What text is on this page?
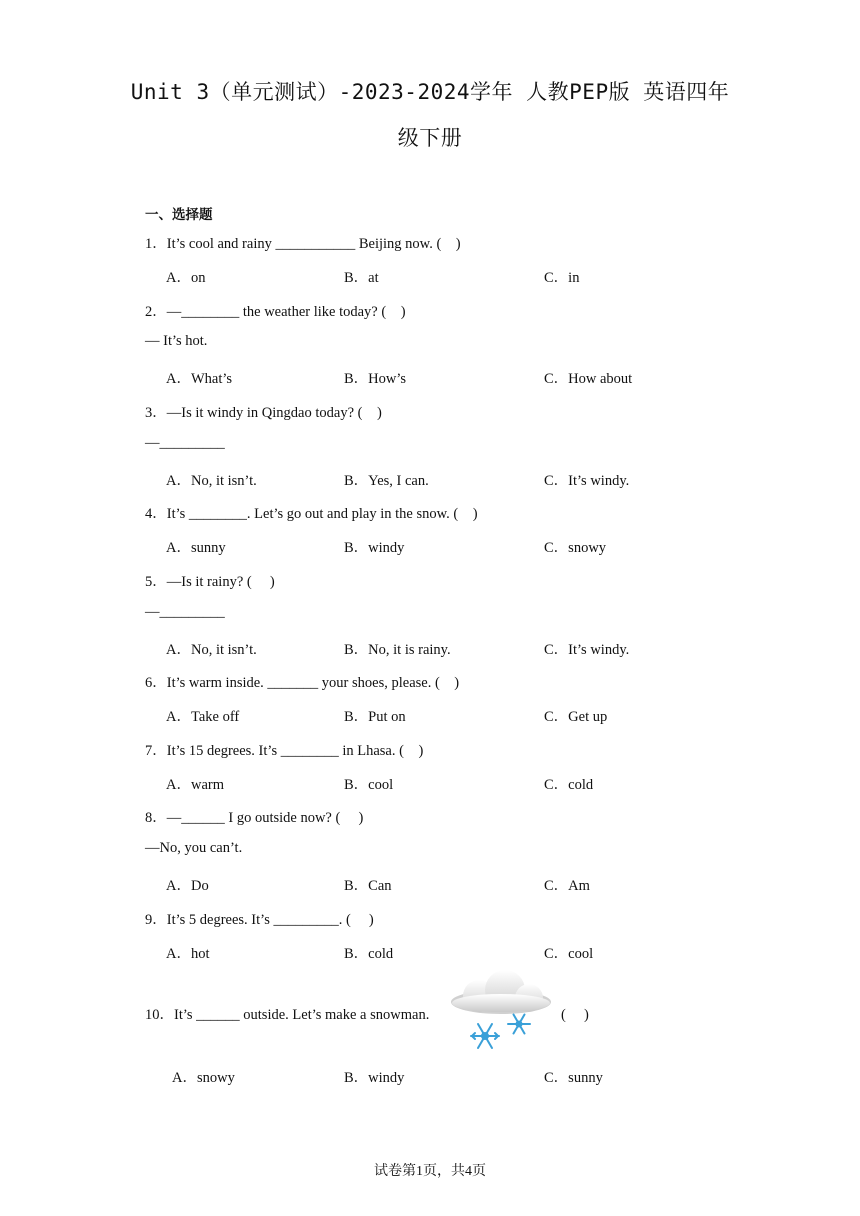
Unit 3（单元测试）-2023-2024学年 人教PEP版 英语四年
级下册
一、选择题
1．It’s cool and rainy ___________ Beijing now. (　)
A．on	B．at	C．in
2．—________ the weather like today? (　)
— It’s hot.
A．What’s	B．How’s	C．How about
3．—Is it windy in Qingdao today? (　)
—_________
A．No, it isn’t.	B．Yes, I can.	C．It’s windy.
4．It’s ________. Let’s go out and play in the snow. (　)
A．sunny	B．windy	C．snowy
5．—Is it rainy? (　 )
—_________
A．No, it isn’t.	B．No, it is rainy.	C．It’s windy.
6．It’s warm inside. _______ your shoes, please. (　)
A．Take off	B．Put on	C．Get up
7．It’s 15 degrees. It’s ________ in Lhasa. (　)
A．warm	B．cool	C．cold
8．—______ I go outside now? (　 )
—No, you can’t.
A．Do	B．Can	C．Am
9．It’s 5 degrees. It’s _________. (　 )
A．hot	B．cold	C．cool
10．It’s ______ outside. Let’s make a snowman.	(　 )
A．snowy	B．windy	C．sunny
试卷第1页，共4页
